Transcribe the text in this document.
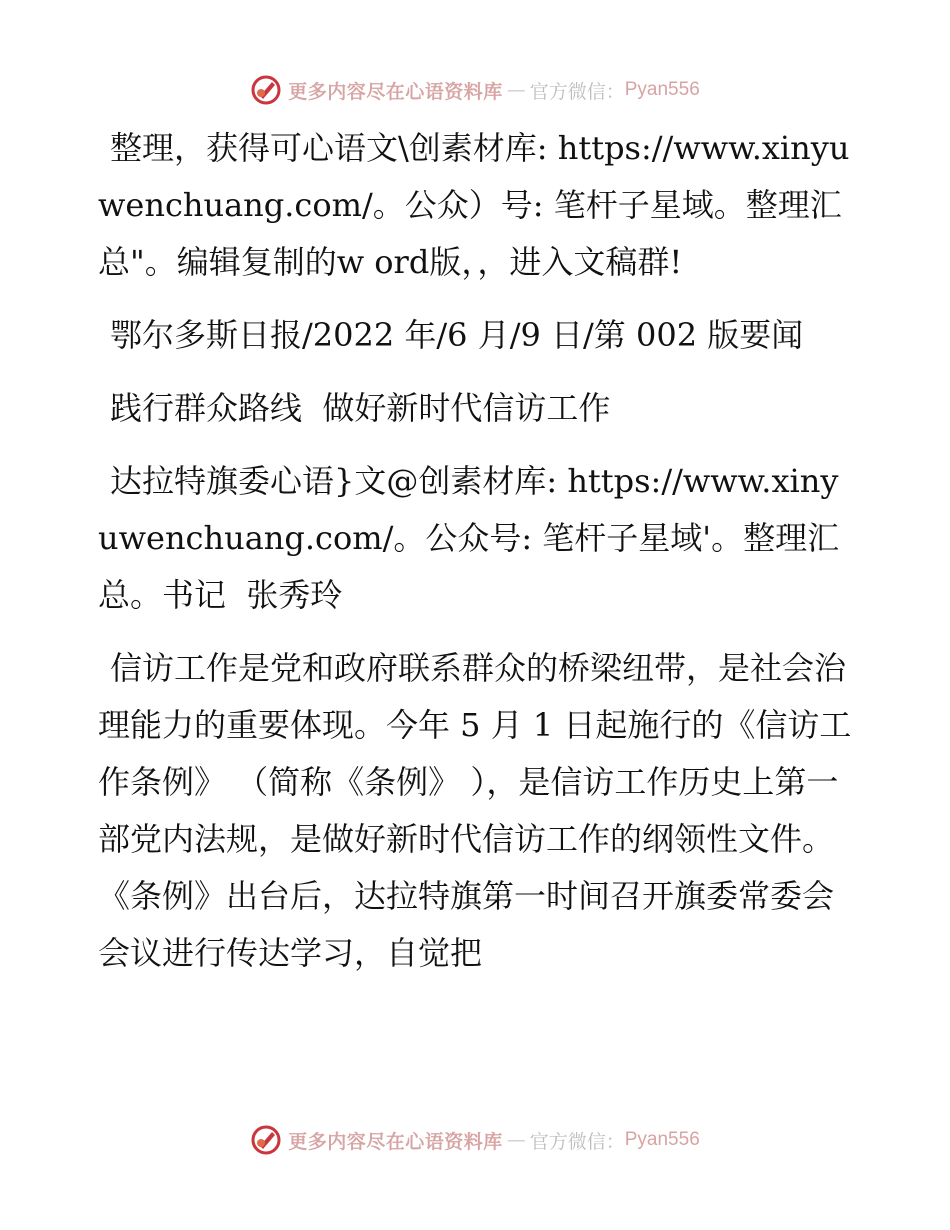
更多内容尽在心语资料库 — 官方微信： Pyan556

整理，获得可心语文\创素材库: https://www.xinyuwenchuang.com/。公众）号: 笔杆子星域。整理汇总"。编辑复制的w ord版，，进入文稿群!

鄂尔多斯日报/2022 年/6 月/9 日/第 002 版要闻

践行群众路线  做好新时代信访工作

达拉特旗委心语}文@创素材库: https://www.xinyuwenchuang.com/。公众号: 笔杆子星域'。整理汇总。书记  张秀玲

信访工作是党和政府联系群众的桥梁纽带，是社会治理能力的重要体现。今年 5 月 1 日起施行的《信访工作条例》 （简称《条例》 ），是信访工作历史上第一部党内法规，是做好新时代信访工作的纲领性文件。 《条例》出台后，达拉特旗第一时间召开旗委常委会会议进行传达学习，自觉把

更多内容尽在心语资料库 — 官方微信： Pyan556
